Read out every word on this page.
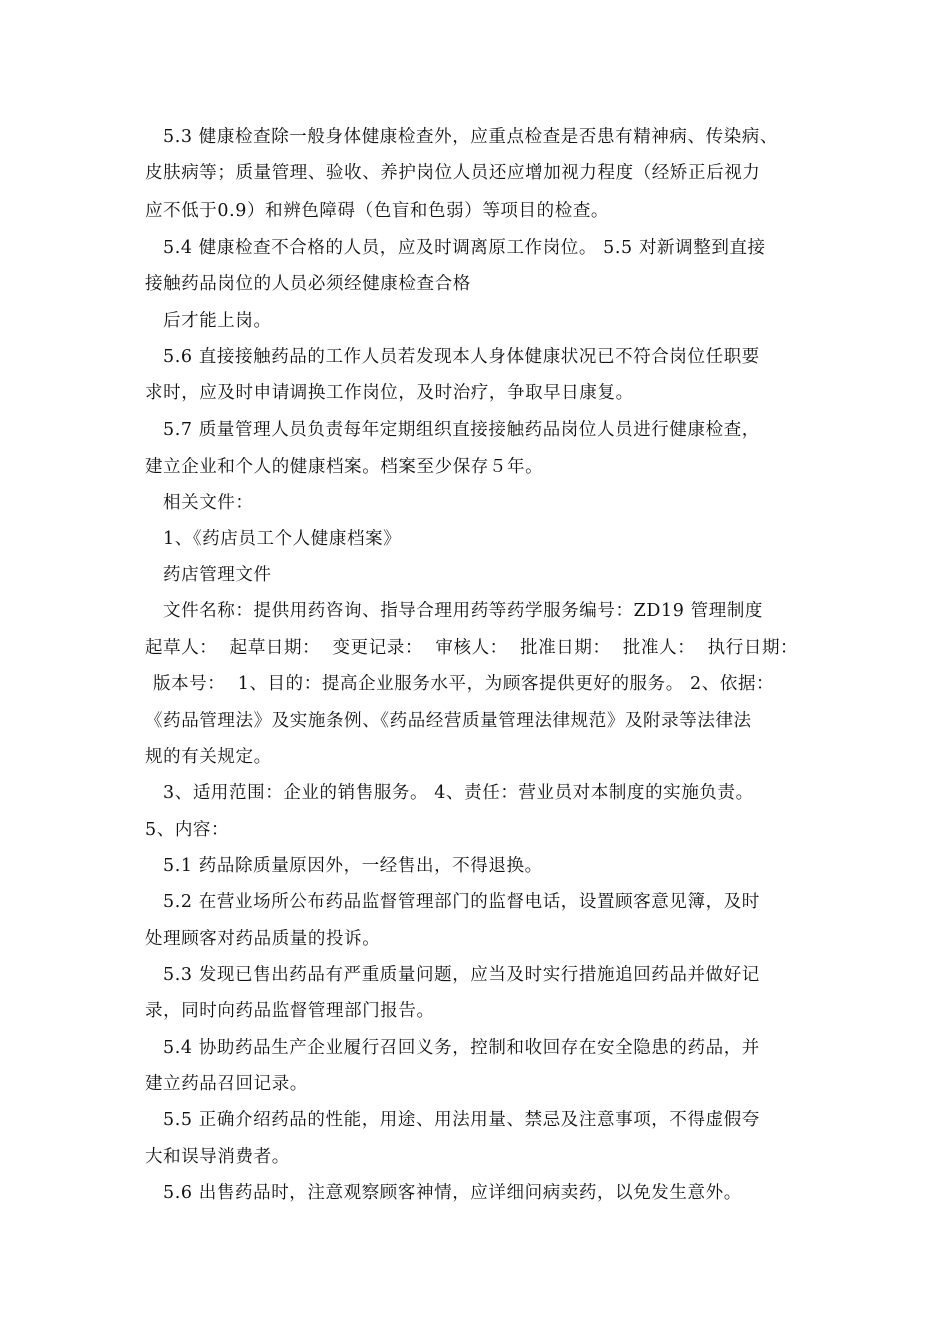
5.3 健康检查除一般身体健康检查外，应重点检查是否患有精神病、传染病、
皮肤病等；质量管理、验收、养护岗位人员还应增加视力程度（经矫正后视力
应不低于0.9）和辨色障碍（色盲和色弱）等项目的检查。
5.4 健康检查不合格的人员，应及时调离原工作岗位。 5.5 对新调整到直接
接触药品岗位的人员必须经健康检查合格
后才能上岗。
5.6 直接接触药品的工作人员若发现本人身体健康状况已不符合岗位任职要
求时，应及时申请调换工作岗位，及时治疗，争取早日康复。
5.7 质量管理人员负责每年定期组织直接接触药品岗位人员进行健康检查，
建立企业和个人的健康档案。档案至少保存５年。
相关文件：
1、《药店员工个人健康档案》
药店管理文件
文件名称：提供用药咨询、指导合理用药等药学服务编号：ZD19 管理制度
起草人：  起草日期：  变更记录：  审核人：  批准日期：  批准人：  执行日期：
版本号：  1、目的：提高企业服务水平，为顾客提供更好的服务。 2、依据：
《药品管理法》及实施条例、《药品经营质量管理法律规范》及附录等法律法
规的有关规定。
3、适用范围：企业的销售服务。 4、责任：营业员对本制度的实施负责。
5、内容：
5.1 药品除质量原因外，一经售出，不得退换。
5.2 在营业场所公布药品监督管理部门的监督电话，设置顾客意见簿，及时
处理顾客对药品质量的投诉。
5.3 发现已售出药品有严重质量问题，应当及时实行措施追回药品并做好记
录，同时向药品监督管理部门报告。
5.4 协助药品生产企业履行召回义务，控制和收回存在安全隐患的药品，并
建立药品召回记录。
5.5 正确介绍药品的性能，用途、用法用量、禁忌及注意事项，不得虚假夸
大和误导消费者。
5.6 出售药品时，注意观察顾客神情，应详细问病卖药，以免发生意外。
